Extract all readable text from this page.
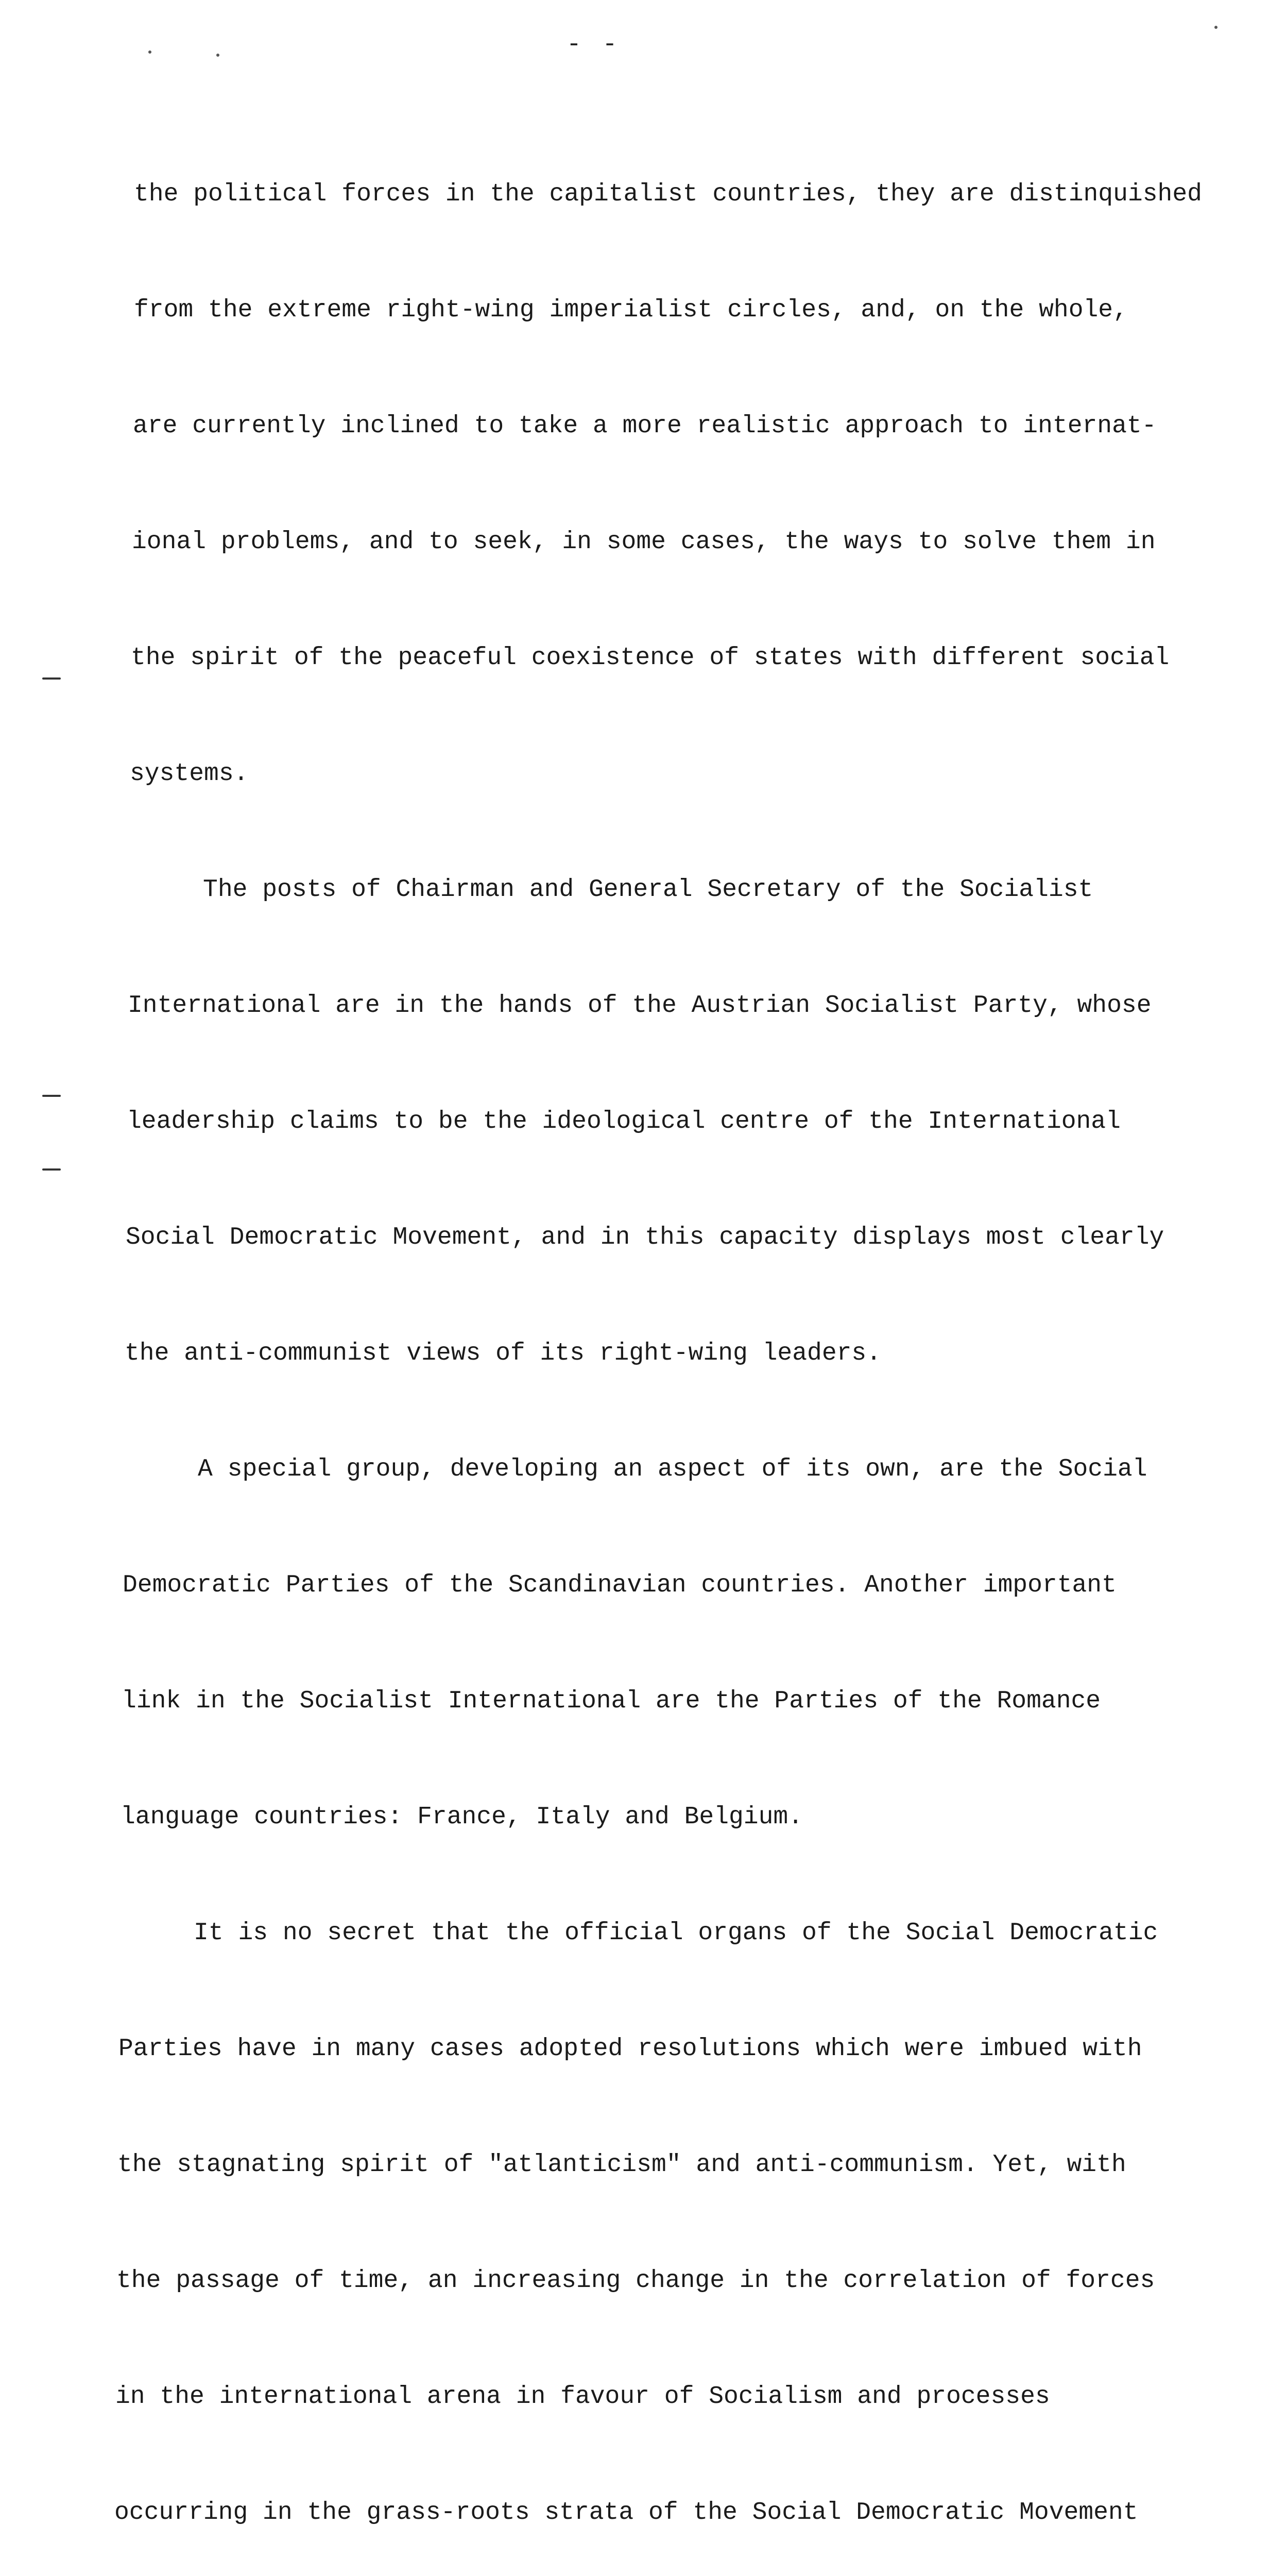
- -

the political forces in the capitalist countries, they are distinquished

from the extreme right-wing imperialist circles, and, on the whole,

are currently inclined to take a more realistic approach to internat-

ional problems, and to seek, in some cases, the ways to solve them in

the spirit of the peaceful coexistence of states with different social

systems.

The posts of Chairman and General Secretary of the Socialist

International are in the hands of the Austrian Socialist Party, whose

leadership claims to be the ideological centre of the International

Social Democratic Movement, and in this capacity displays most clearly

the anti-communist views of its right-wing leaders.

A special group, developing an aspect of its own, are the Social

Democratic Parties of the Scandinavian countries. Another important

link in the Socialist International are the Parties of the Romance

language countries: France, Italy and Belgium.

It is no secret that the official organs of the Social Democratic

Parties have in many cases adopted resolutions which were imbued with

the stagnating spirit of "atlanticism" and anti-communism. Yet, with

the passage of time, an increasing change in the correlation of forces

in the international arena in favour of Socialism and processes

occurring in the grass-roots strata of the Social Democratic Movement
